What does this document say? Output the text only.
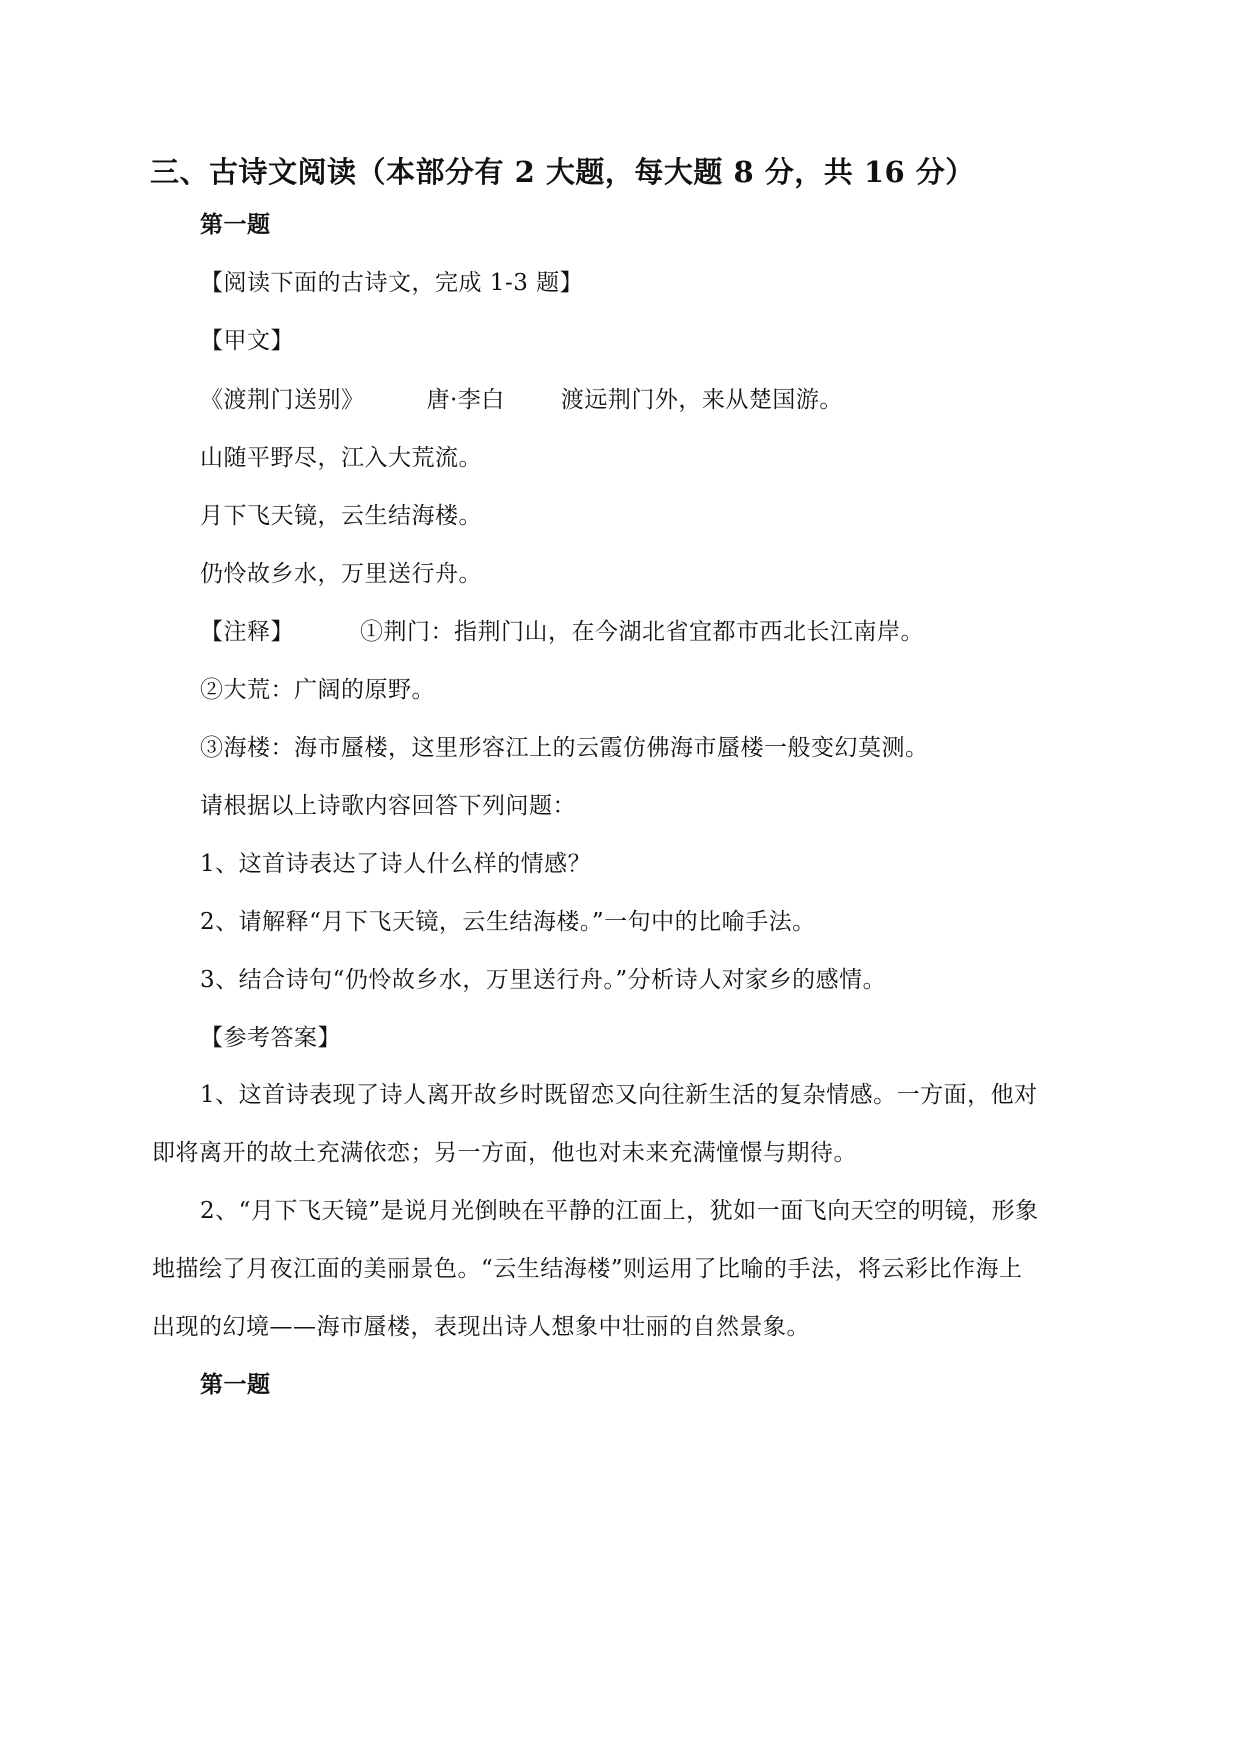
三、古诗文阅读（本部分有 2 大题，每大题 8 分，共 16 分）
第一题
【阅读下面的古诗文，完成 1-3 题】
【甲文】
《渡荆门送别》	唐·李白 渡远荆门外，来从楚国游。
山随平野尽，江入大荒流。
月下飞天镜，云生结海楼。
仍怜故乡水，万里送行舟。
【注释】	①荆门：指荆门山，在今湖北省宜都市西北长江南岸。
②大荒：广阔的原野。
③海楼：海市蜃楼，这里形容江上的云霞仿佛海市蜃楼一般变幻莫测。
请根据以上诗歌内容回答下列问题：
1、这首诗表达了诗人什么样的情感？
2、请解释“月下飞天镜，云生结海楼。”一句中的比喻手法。
3、结合诗句“仍怜故乡水，万里送行舟。”分析诗人对家乡的感情。
【参考答案】
1、这首诗表现了诗人离开故乡时既留恋又向往新生活的复杂情感。一方面，他对
即将离开的故土充满依恋；另一方面，他也对未来充满憧憬与期待。
2、“月下飞天镜”是说月光倒映在平静的江面上，犹如一面飞向天空的明镜，形象
地描绘了月夜江面的美丽景色。“云生结海楼”则运用了比喻的手法，将云彩比作海上
出现的幻境——海市蜃楼，表现出诗人想象中壮丽的自然景象。
第一题
